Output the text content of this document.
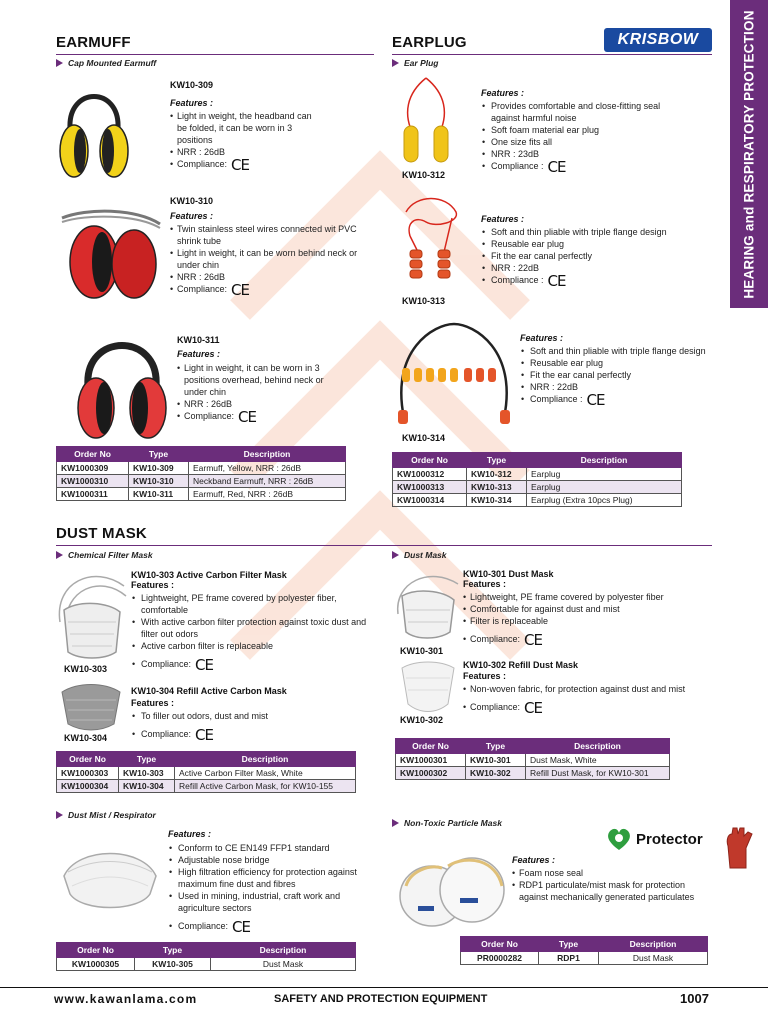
HEARING and RESPIRATORY PROTECTION
KRISBOW
EARMUFF
Cap Mounted Earmuff
KW10-309
Features :
• Light in weight, the headband can be folded, it can be worn in 3 positions
• NRR : 26dB
• Compliance: CE
KW10-310
Features :
• Twin stainless steel wires connected wit PVC shrink tube
• Light in weight, it can be worn behind neck or under chin
• NRR : 26dB
• Compliance: CE
KW10-311
Features :
• Light in weight, it can be worn in 3 positions overhead, behind neck or under chin
• NRR : 26dB
• Compliance: CE
Order No	Type	Description
KW1000309	KW10-309	Earmuff, Yellow, NRR : 26dB
KW1000310	KW10-310	Neckband Earmuff, NRR : 26dB
KW1000311	KW10-311	Earmuff, Red, NRR : 26dB
EARPLUG
Ear Plug
KW10-312
Features :
• Provides comfortable and close-fitting seal against harmful noise
• Soft foam material ear plug
• One size fits all
• NRR : 23dB
• Compliance : CE
KW10-313
Features :
• Soft and thin pliable with triple flange design
• Reusable ear plug
• Fit the ear canal perfectly
• NRR : 22dB
• Compliance : CE
KW10-314
Features :
• Soft and thin pliable with triple flange design
• Reusable ear plug
• Fit the ear canal perfectly
• NRR : 22dB
• Compliance : CE
Order No	Type	Description
KW1000312	KW10-312	Earplug
KW1000313	KW10-313	Earplug
KW1000314	KW10-314	Earplug (Extra 10pcs Plug)
DUST MASK
Chemical Filter Mask	Dust Mask
KW10-303
KW10-303 Active Carbon Filter Mask
Features :
• Lightweight, PE frame covered by polyester fiber, comfortable
• With active carbon filter protection against toxic dust and filter out odors
• Active carbon filter is replaceable
• Compliance: CE
KW10-304
KW10-304 Refill Active Carbon Mask
Features :
• To filler out odors, dust and mist
• Compliance: CE
Order No	Type	Description
KW1000303	KW10-303	Active Carbon Filter Mask, White
KW1000304	KW10-304	Refill Active Carbon Mask, for KW10-155
KW10-301
KW10-301 Dust Mask
Features :
• Lightweight, PE frame covered by polyester fiber
• Comfortable for against dust and mist
• Filter is replaceable
• Compliance: CE
KW10-302
KW10-302 Refill Dust Mask
Features :
• Non-woven fabric, for protection against dust and mist
• Compliance: CE
Order No	Type	Description
KW1000301	KW10-301	Dust Mask, White
KW1000302	KW10-302	Refill Dust Mask, for KW10-301
Dust Mist / Respirator
Features :
• Conform to CE EN149 FFP1 standard
• Adjustable nose bridge
• High filtration efficiency for protection against maximum fine dust and fibres
• Used in mining, industrial, craft work and agriculture sectors
• Compliance: CE
Order No	Type	Description
KW1000305	KW10-305	Dust Mask
Non-Toxic Particle Mask
Protector
Features :
• Foam nose seal
• RDP1 particulate/mist mask for protection against mechanically generated particulates
Order No	Type	Description
PR0000282	RDP1	Dust Mask
www.kawanlama.com	SAFETY AND PROTECTION EQUIPMENT	1007
